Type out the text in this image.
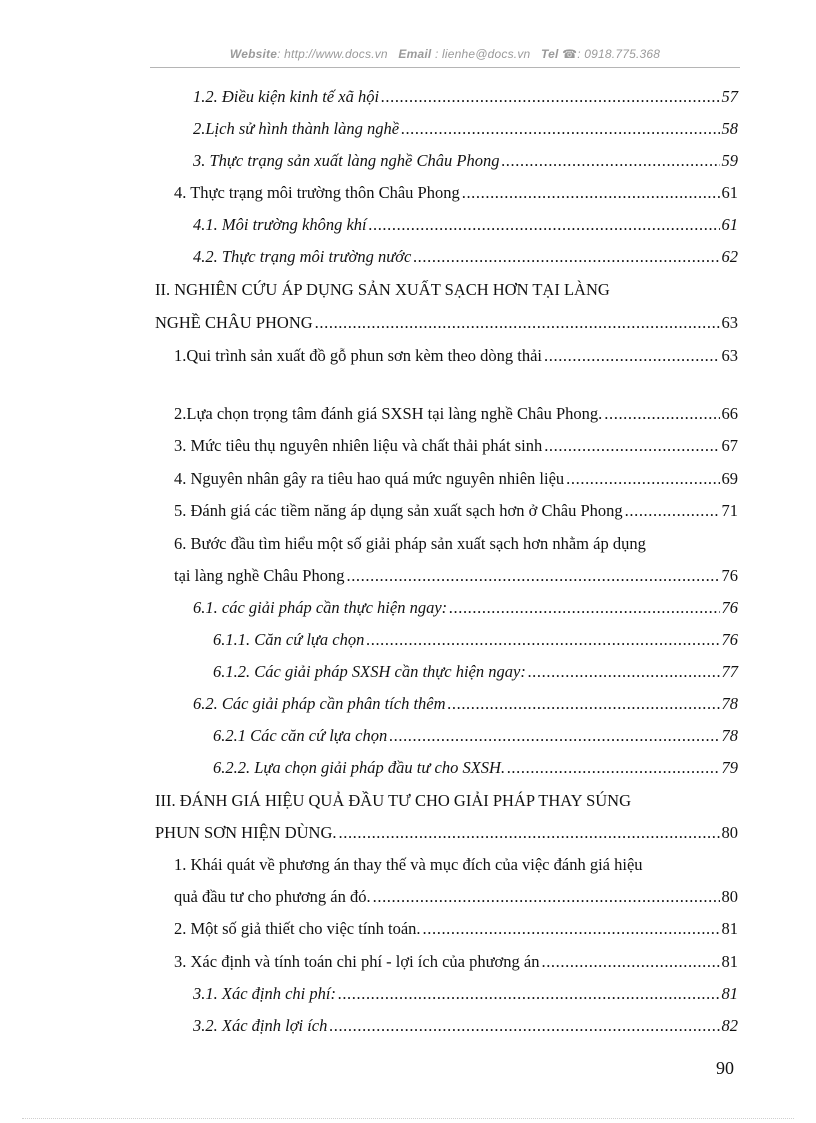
Website: http://www.docs.vn Email : lienhe@docs.vn Tel ☎: 0918.775.368
1.2. Điều kiện kinh tế xã hội .....	57
2.Lịch sử hình thành làng nghề .....	58
3. Thực trạng sản xuất làng nghề Châu Phong .....	59
4. Thực trạng môi trường thôn Châu Phong .....	61
4.1. Môi trường không khí .....	61
4.2. Thực trạng môi trường nước .....	62
II. NGHIÊN CỨU ÁP DỤNG SẢN XUẤT SẠCH HƠN TẠI LÀNG
NGHỀ CHÂU PHONG .....	63
1.Qui trình sản xuất đồ gỗ phun sơn kèm theo dòng thải .....	63
2.Lựa chọn trọng tâm đánh giá SXSH tại làng nghề Châu Phong. .....	66
3. Mức tiêu thụ nguyên nhiên liệu và chất thải phát sinh .....	67
4. Nguyên nhân gây ra tiêu hao quá mức nguyên nhiên liệu .....	69
5. Đánh giá các tiềm năng áp dụng sản xuất sạch hơn ở Châu Phong .....	71
6. Bước đầu tìm hiểu một số giải pháp sản xuất sạch hơn nhằm áp dụng
tại làng nghề Châu Phong .....	76
6.1. các giải pháp cần thực hiện ngay: .....	76
6.1.1. Căn cứ lựa chọn .....	76
6.1.2. Các giải pháp SXSH cần thực hiện ngay: .....	77
6.2. Các giải pháp cần phân tích thêm .....	78
6.2.1 Các căn cứ lựa chọn .....	78
6.2.2. Lựa chọn giải pháp đầu tư cho SXSH. .....	79
III. ĐÁNH GIÁ HIỆU QUẢ ĐẦU TƯ CHO GIẢI PHÁP THAY SÚNG
PHUN SƠN HIỆN DÙNG. .....	80
1. Khái quát về phương án thay thế và mục đích của việc đánh giá hiệu
quả đầu tư cho phương án đó. .....	80
2. Một số giả thiết cho việc tính toán. .....	81
3. Xác định và tính toán chi phí - lợi ích của phương án .....	81
3.1. Xác định chi phí: .....	81
3.2. Xác định lợi ích .....	82
90
